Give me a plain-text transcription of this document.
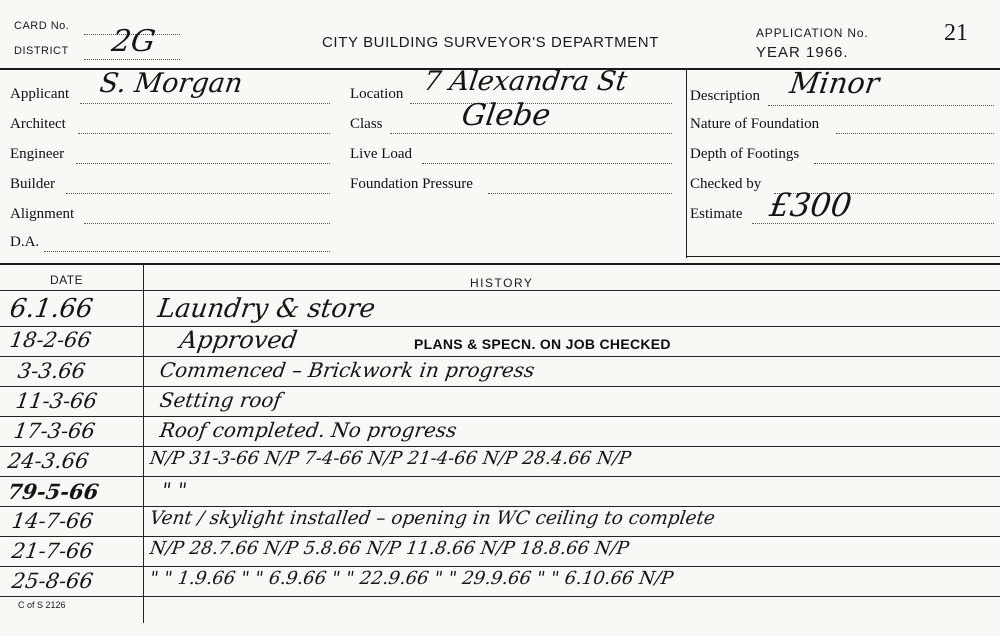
CARD No.
DISTRICT 2G	CITY BUILDING SURVEYOR'S DEPARTMENT
APPLICATION No.	21
YEAR 1966.
Applicant S. Morgan
Architect
Engineer
Builder
Alignment
D.A.
Location 7 Alexandra St
Class	Glebe
Live Load
Foundation Pressure
Description Minor
Nature of Foundation
Depth of Footings
Checked by
Estimate £300
DATE	HISTORY
6.1.66 Laundry & store
18-2-66	Approved	PLANS & SPECN. ON JOB CHECKED
3-3.66	Commenced – Brickwork in progress
11-3-66	Setting roof
17-3-66	Roof completed. No progress
24-3.66	N/P 31-3-66 N/P 7-4-66 N/P 21-4-66 N/P 28.4.66 N/P
79-5-66	" "
14-7-66	Vent / skylight installed – opening in WC ceiling to complete
21-7-66	N/P 28.7.66 N/P 5.8.66 N/P 11.8.66 N/P 18.8.66 N/P
25-8-66	" " 1.9.66 " " 6.9.66 " " 22.9.66 " " 29.9.66 " " 6.10.66 N/P
C of S 2126
